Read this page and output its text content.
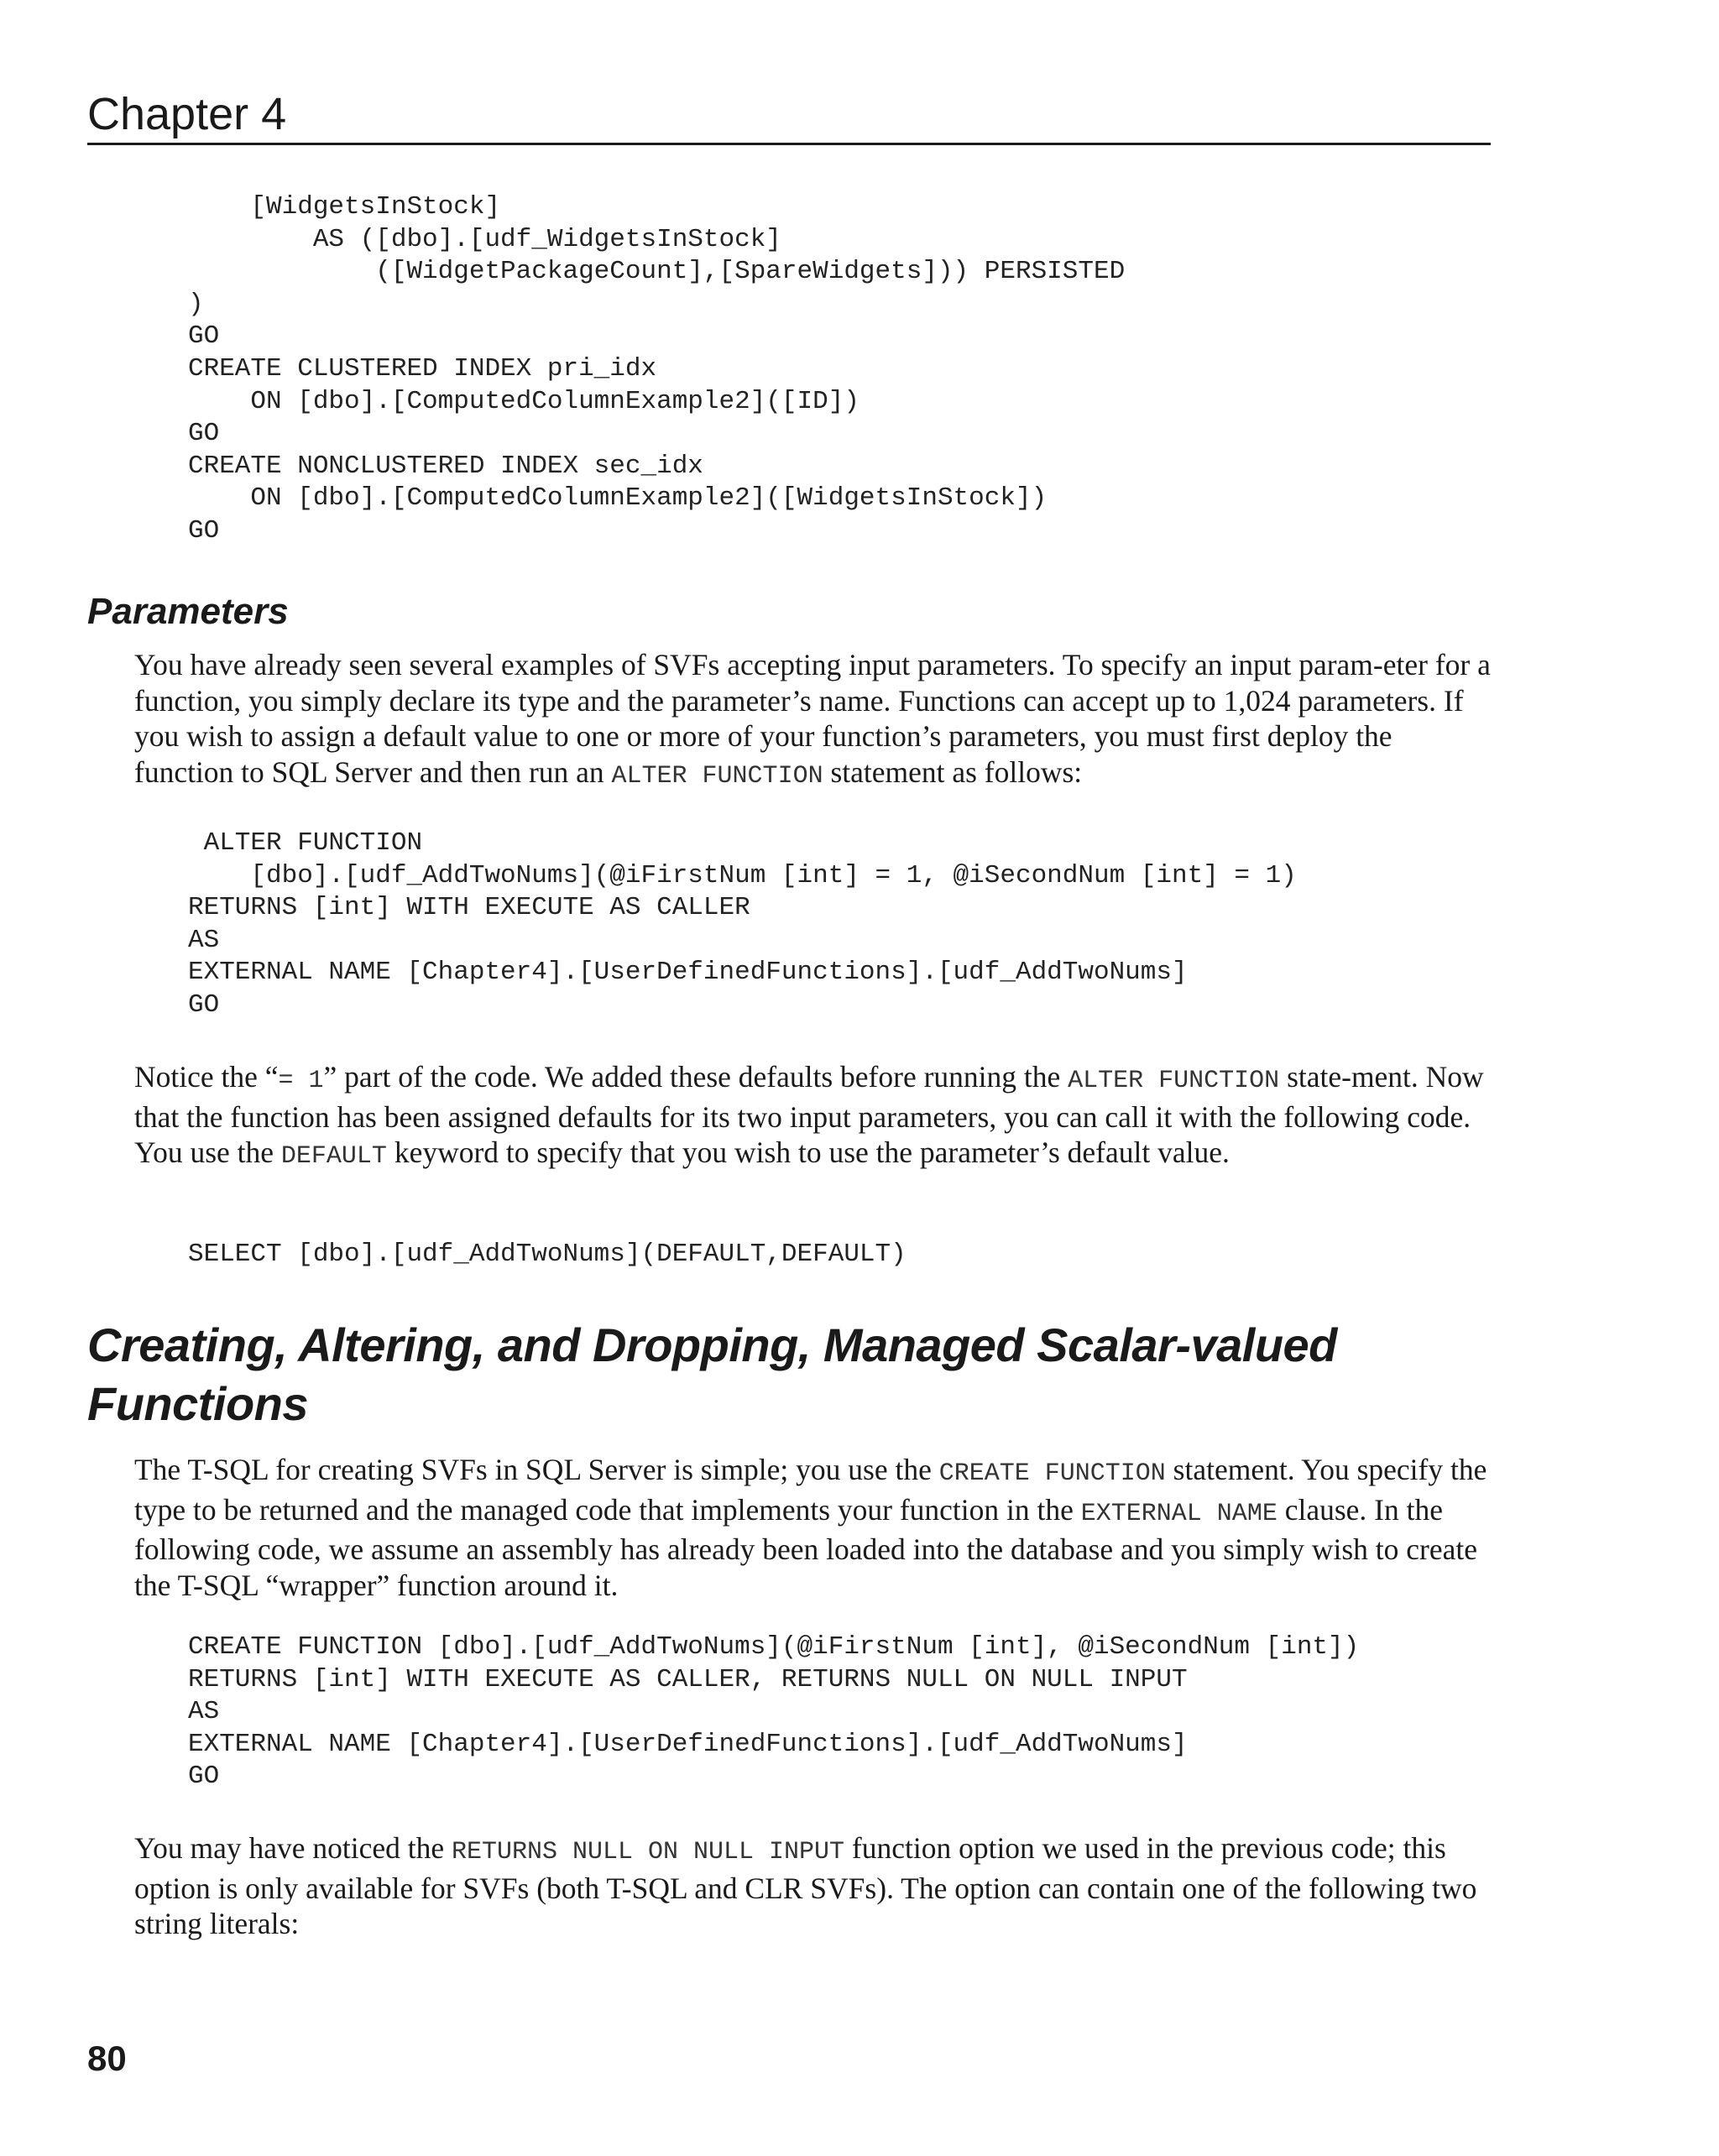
Chapter 4
[WidgetsInStock]
AS ([dbo].[udf_WidgetsInStock]
([WidgetPackageCount],[SpareWidgets])) PERSISTED
)
GO
CREATE CLUSTERED INDEX pri_idx
ON [dbo].[ComputedColumnExample2]([ID])
GO
CREATE NONCLUSTERED INDEX sec_idx
ON [dbo].[ComputedColumnExample2]([WidgetsInStock])
GO
Parameters

You have already seen several examples of SVFs accepting input parameters. To specify an input param-eter for a function, you simply declare its type and the parameter’s name. Functions can accept up to 1,024 parameters. If you wish to assign a default value to one or more of your function’s parameters, you must first deploy the function to SQL Server and then run an ALTER FUNCTION statement as follows:

ALTER FUNCTION
[dbo].[udf_AddTwoNums](@iFirstNum [int] = 1, @iSecondNum [int] = 1)
RETURNS [int] WITH EXECUTE AS CALLER
AS
EXTERNAL NAME [Chapter4].[UserDefinedFunctions].[udf_AddTwoNums]
GO

Notice the “= 1” part of the code. We added these defaults before running the ALTER FUNCTION state-ment. Now that the function has been assigned defaults for its two input parameters, you can call it with the following code. You use the DEFAULT keyword to specify that you wish to use the parameter’s default value.

SELECT [dbo].[udf_AddTwoNums](DEFAULT,DEFAULT)
Creating, Altering, and Dropping, Managed Scalar-valued Functions

The T-SQL for creating SVFs in SQL Server is simple; you use the CREATE FUNCTION statement. You specify the type to be returned and the managed code that implements your function in the EXTERNAL NAME clause. In the following code, we assume an assembly has already been loaded into the database and you simply wish to create the T-SQL “wrapper” function around it.

CREATE FUNCTION [dbo].[udf_AddTwoNums](@iFirstNum [int], @iSecondNum [int])
RETURNS [int] WITH EXECUTE AS CALLER, RETURNS NULL ON NULL INPUT
AS
EXTERNAL NAME [Chapter4].[UserDefinedFunctions].[udf_AddTwoNums]
GO

You may have noticed the RETURNS NULL ON NULL INPUT function option we used in the previous code; this option is only available for SVFs (both T-SQL and CLR SVFs). The option can contain one of the following two string literals:

80
